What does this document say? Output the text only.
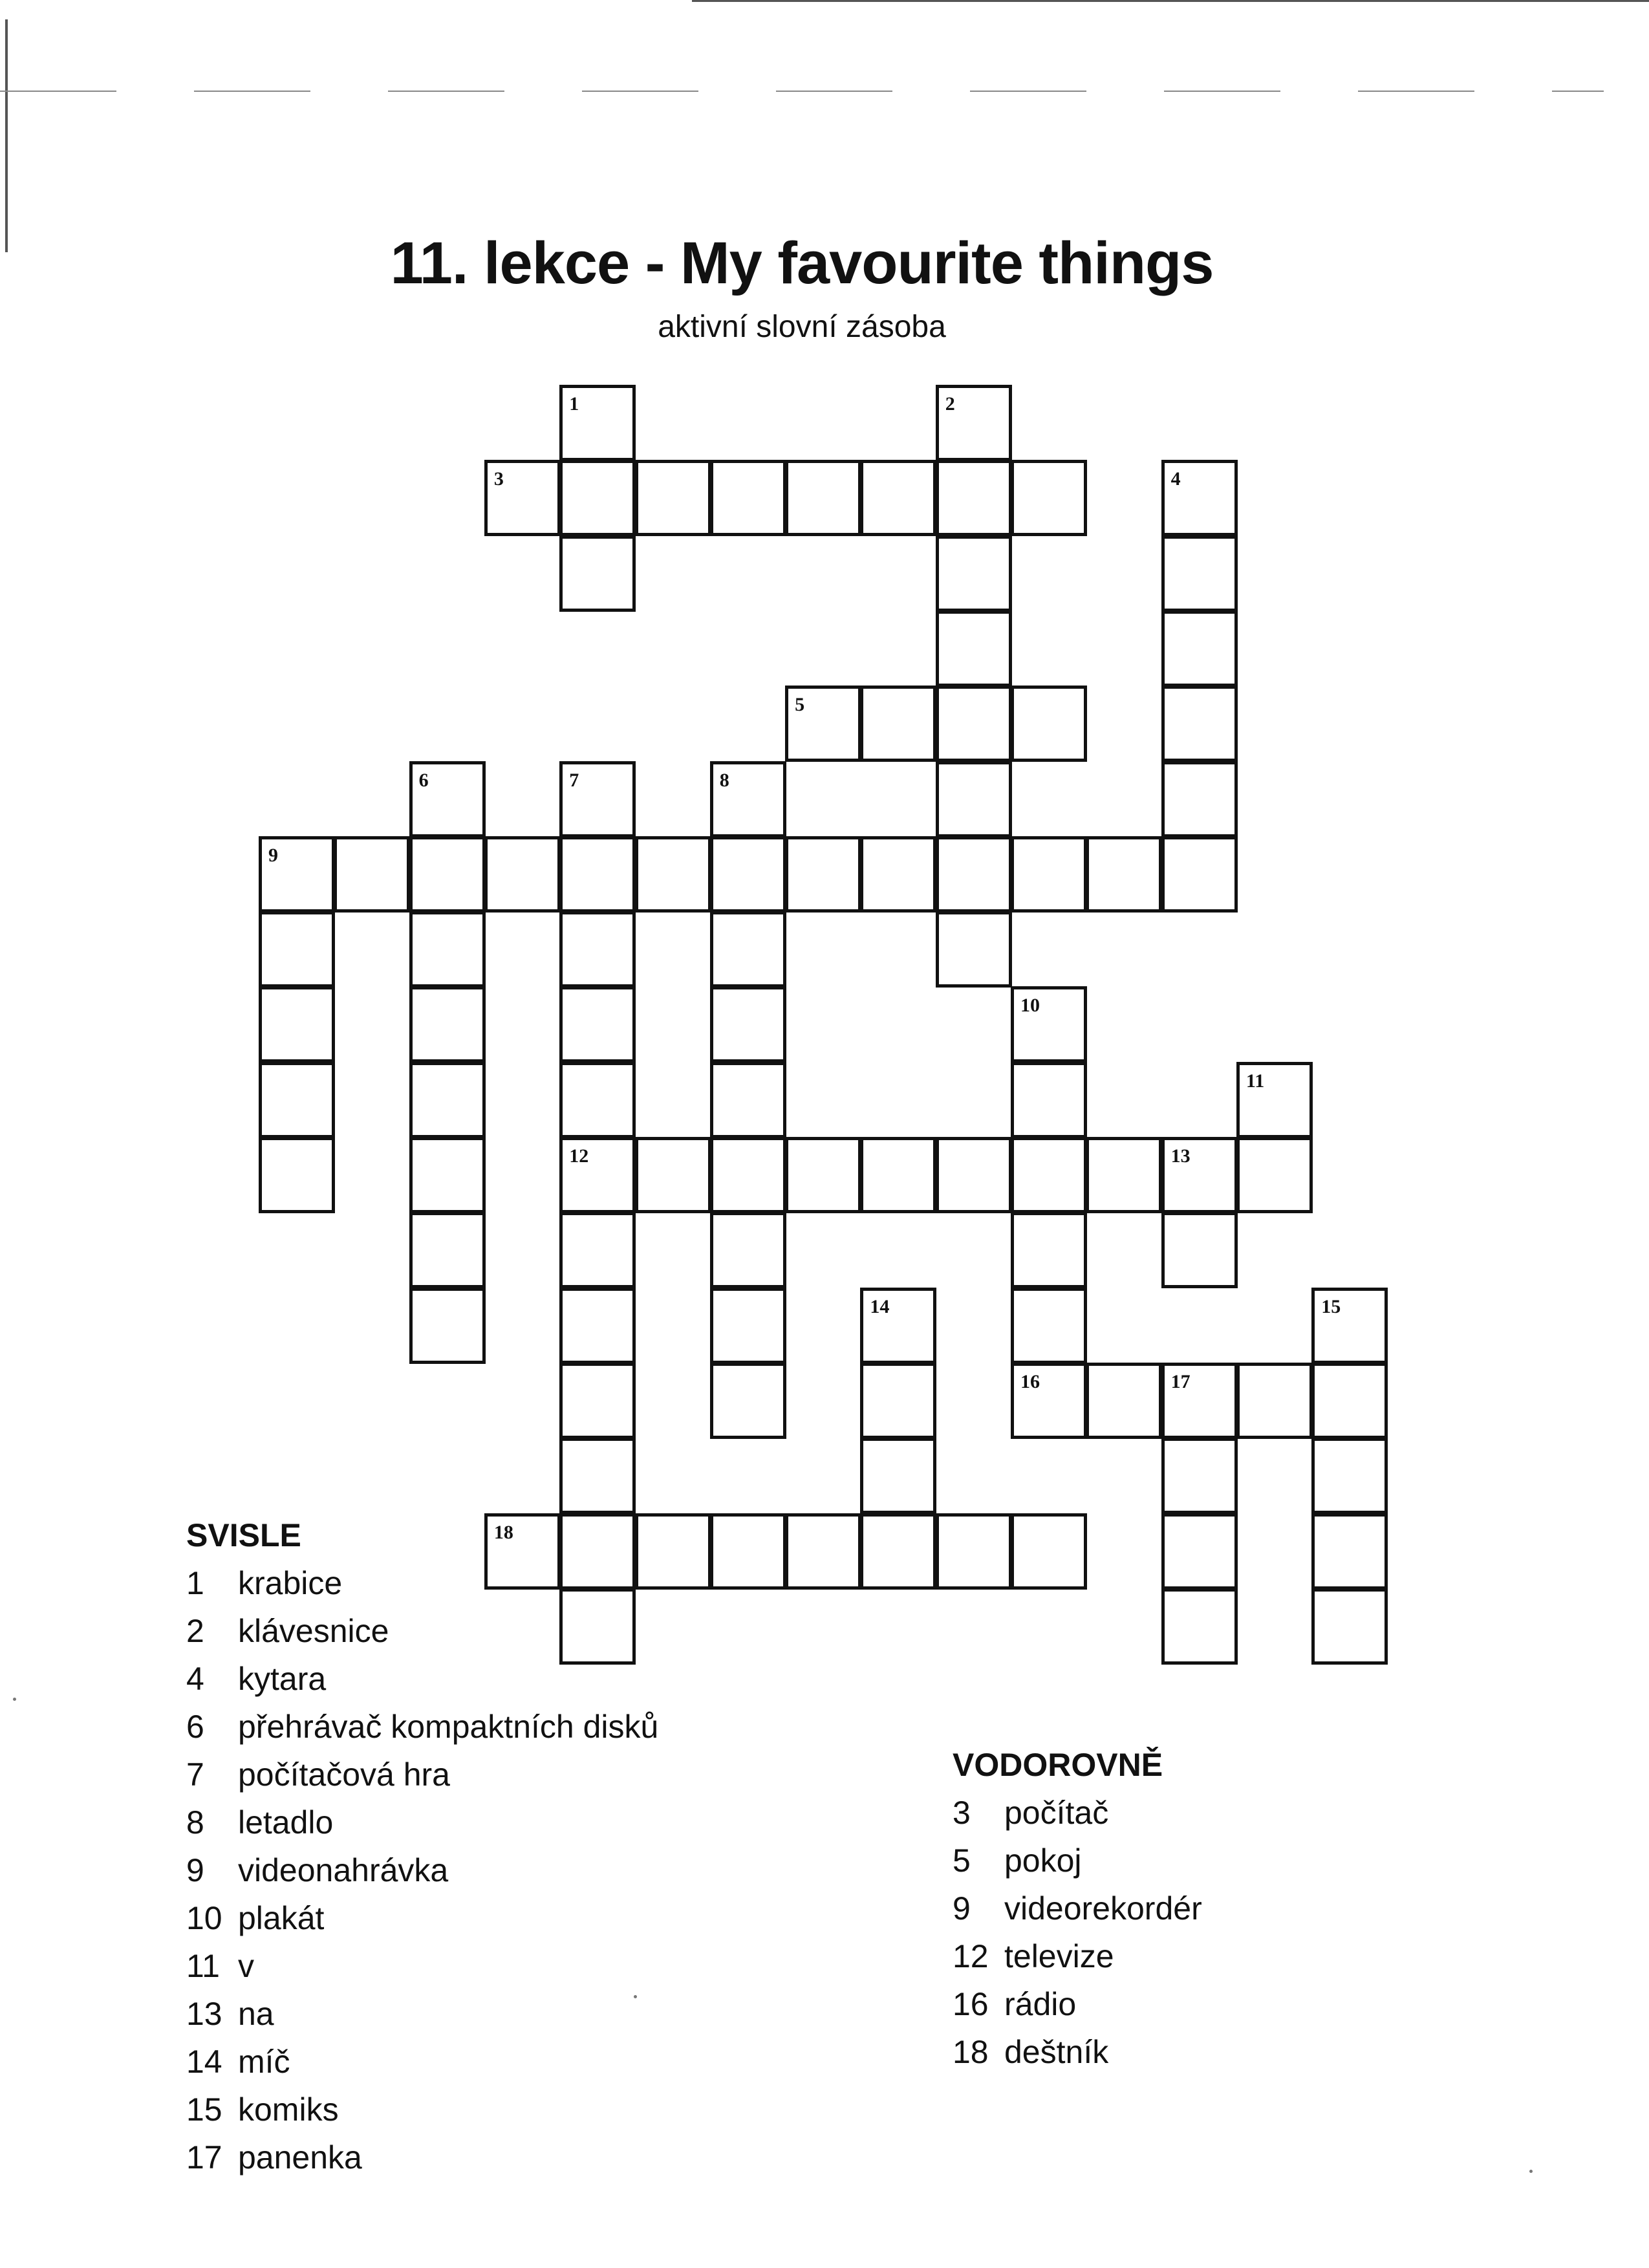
11. lekce - My favourite things
aktivní slovní zásoba
1	2
3	4
5
6	7	8
9
10
11
12	13
14	15
16	17
18
SVISLE
1 krabice
2 klávesnice
4 kytara
6 přehrávač kompaktních disků
7 počítačová hra
8 letadlo
9 videonahrávka
10 plakát
11 v
13 na
14 míč
15 komiks
17 panenka
VODOROVNĚ
3 počítač
5 pokoj
9 videorekordér
12 televize
16 rádio
18 deštník
